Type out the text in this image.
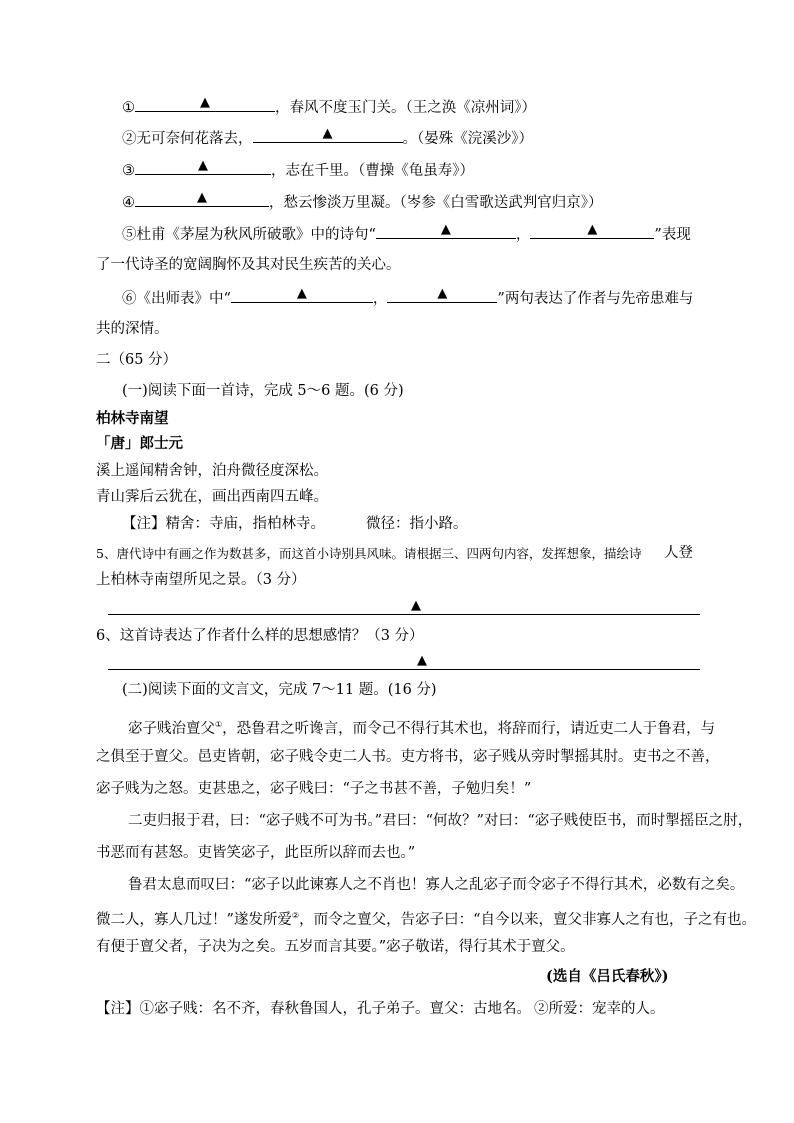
①	▲	，春风不度玉门关。（王之涣《凉州词》）
②无可奈何花落去，	▲	。（晏殊《浣溪沙》）
③	▲	，志在千里。（曹操《龟虽寿》）
④	▲	，愁云惨淡万里凝。（岑参《白雪歌送武判官归京》）
⑤杜甫《茅屋为秋风所破歌》中的诗句“	▲	，	▲	”表现
了一代诗圣的宽阔胸怀及其对民生疾苦的关心。
⑥《出师表》中“	▲	，	▲	”两句表达了作者与先帝患难与
共的深情。
二（65 分）
(一)阅读下面一首诗，完成 5～6 题。(6 分)
柏林寺南望
「唐」郎士元
溪上遥闻精舍钟，泊舟微径度深松。
青山霁后云犹在，画出西南四五峰。
【注】精舍：寺庙，指柏林寺。	微径：指小路。
5、唐代诗中有画之作为数甚多，而这首小诗别具风味。请根据三、四两句内容，发挥想象，描绘诗 人登
上柏林寺南望所见之景。（3 分）
▲
6、这首诗表达了作者什么样的思想感情？（3 分）
▲
(二)阅读下面的文言文，完成 7～11 题。(16 分)
宓子贱治亶父①，恐鲁君之听谗言，而令己不得行其术也，将辞而行，请近吏二人于鲁君，与
之俱至于亶父。邑吏皆朝，宓子贱令吏二人书。吏方将书，宓子贱从旁时掣摇其肘。吏书之不善，
宓子贱为之怒。吏甚患之，宓子贱曰：“子之书甚不善，子勉归矣！”
二吏归报于君，曰：“宓子贱不可为书。”君曰：“何故？”对曰：“宓子贱使臣书，而时掣摇臣之肘，
书恶而有甚怒。吏皆笑宓子，此臣所以辞而去也。”
鲁君太息而叹曰：“宓子以此谏寡人之不肖也！寡人之乱宓子而令宓子不得行其术，必数有之矣。
微二人，寡人几过！”遂发所爱②，而令之亶父，告宓子曰：“自今以来，亶父非寡人之有也，子之有也。
有便于亶父者，子决为之矣。五岁而言其要。”宓子敬诺，得行其术于亶父。
(选自《吕氏春秋》)
【注】①宓子贱：名不齐，春秋鲁国人，孔子弟子。亶父：古地名。 ②所爱：宠幸的人。
